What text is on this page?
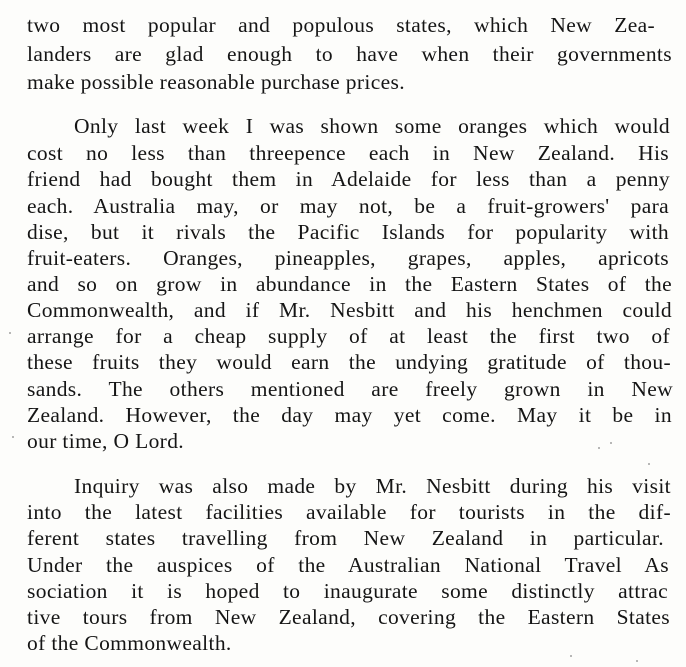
two most popular and populous states, which New Zea-
landers are glad enough to have when their governments
make possible reasonable purchase prices.
Only last week I was shown some oranges which would
cost no less than threepence each in New Zealand. His
friend had bought them in Adelaide for less than a penny
each. Australia may, or may not, be a fruit-growers' para
dise, but it rivals the Pacific Islands for popularity with
fruit-eaters. Oranges, pineapples, grapes, apples, apricots
and so on grow in abundance in the Eastern States of the
Commonwealth, and if Mr. Nesbitt and his henchmen could
arrange for a cheap supply of at least the first two of
these fruits they would earn the undying gratitude of thou-
sands. The others mentioned are freely grown in New
Zealand. However, the day may yet come. May it be in
our time, O Lord.
Inquiry was also made by Mr. Nesbitt during his visit
into the latest facilities available for tourists in the dif-
ferent states travelling from New Zealand in particular.
Under the auspices of the Australian National Travel As
sociation it is hoped to inaugurate some distinctly attrac
tive tours from New Zealand, covering the Eastern States
of the Commonwealth.
